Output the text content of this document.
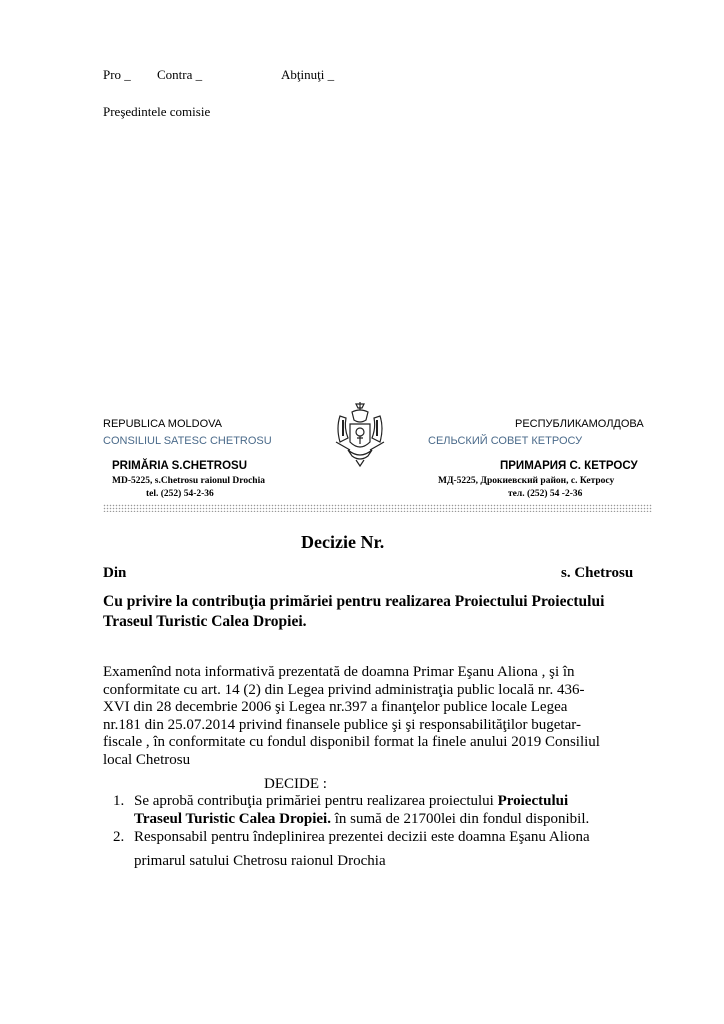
Pro _ Contra _	Abţinuţi _
Preşedintele comisie
REPUBLICA MOLDOVA
CONSILIUL SATESC CHETROSU
PRIMĂRIA S.CHETROSU
MD-5225, s.Chetrosu raionul Drochia
tel. (252) 54-2-36
РЕСПУБЛИКАМОЛДОВА
СЕЛЬСКИЙ СОВЕТ КЕТРОСУ
ПРИМАРИЯ С. КЕТРОСУ
МД-5225, Дрокиевский район, с. Кетросу
тел. (252) 54 -2-36
Decizie Nr.
Din	s. Chetrosu
Cu privire la contribuţia primăriei pentru realizarea Proiectului Proiectului
Traseul Turistic Calea Dropiei.
Examenînd nota informativă prezentată de doamna Primar Eşanu Aliona , şi în
conformitate cu art. 14 (2) din Legea privind administraţia public locală nr. 436-
XVI din 28 decembrie 2006 şi Legea nr.397 a finanţelor publice locale Legea
nr.181 din 25.07.2014 privind finansele publice şi şi responsabilităţilor bugetar-
fiscale , în conformitate cu fondul disponibil format la finele anului 2019 Consiliul
local Chetrosu
DECIDE :
1. Se aprobă contribuţia primăriei pentru realizarea proiectului Proiectului
Traseul Turistic Calea Dropiei. în sumă de 21700lei din fondul disponibil.
2. Responsabil pentru îndeplinirea prezentei decizii este doamna Eşanu Aliona
primarul satului Chetrosu raionul Drochia
